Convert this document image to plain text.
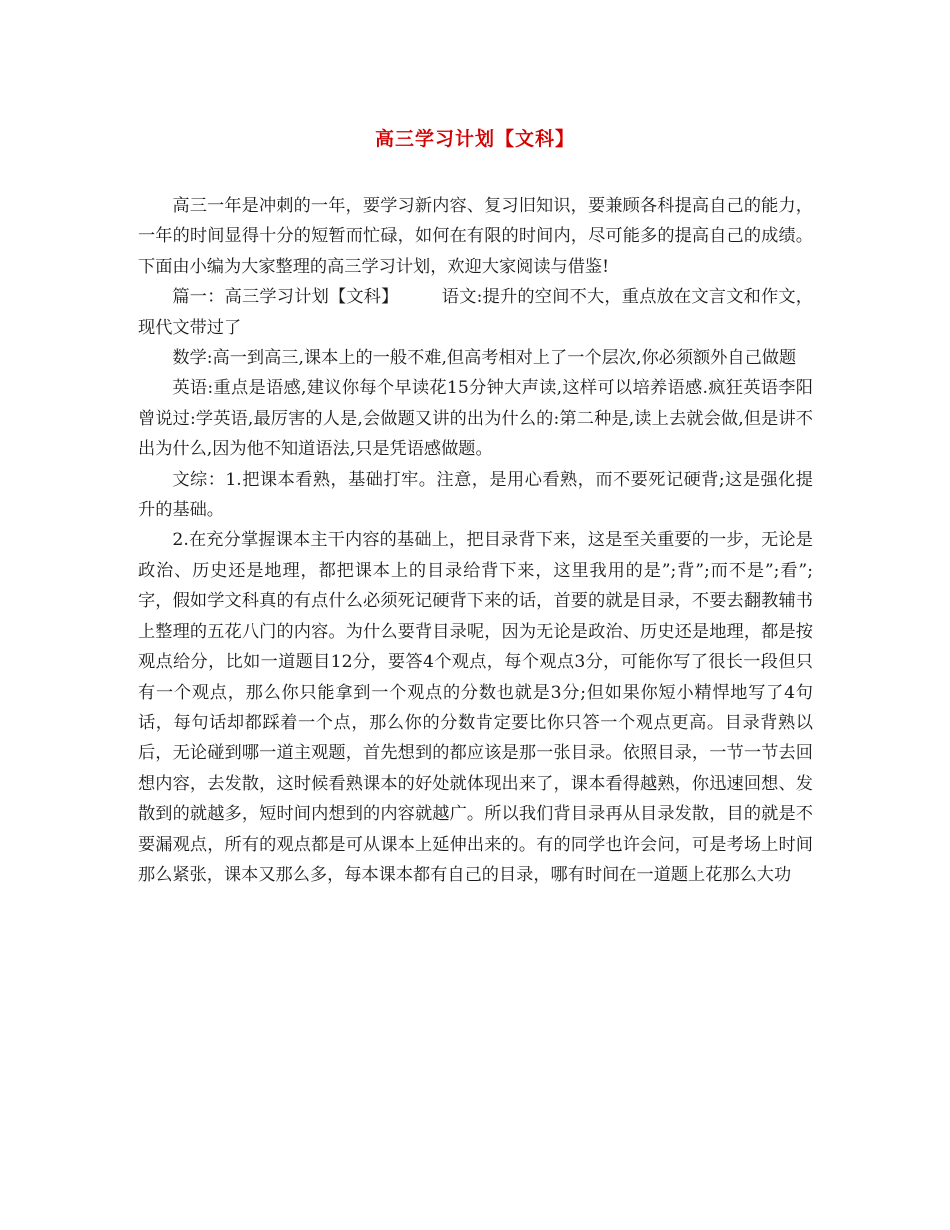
高三学习计划【文科】

高三一年是冲刺的一年，要学习新内容、复习旧知识，要兼顾各科提高自己的能力，一年的时间显得十分的短暂而忙碌，如何在有限的时间内，尽可能多的提高自己的成绩。下面由小编为大家整理的高三学习计划，欢迎大家阅读与借鉴!

篇一：高三学习计划【文科】	语文:提升的空间不大，重点放在文言文和作文，现代文带过了

数学:高一到高三,课本上的一般不难,但高考相对上了一个层次,你必须额外自己做题

英语:重点是语感,建议你每个早读花15分钟大声读,这样可以培养语感.疯狂英语李阳曾说过:学英语,最厉害的人是,会做题又讲的出为什么的:第二种是,读上去就会做,但是讲不出为什么,因为他不知道语法,只是凭语感做题。

文综：1.把课本看熟，基础打牢。注意，是用心看熟，而不要死记硬背;这是强化提升的基础。

2.在充分掌握课本主干内容的基础上，把目录背下来，这是至关重要的一步，无论是政治、历史还是地理，都把课本上的目录给背下来，这里我用的是”;背”;而不是”;看”;字，假如学文科真的有点什么必须死记硬背下来的话，首要的就是目录，不要去翻教辅书上整理的五花八门的内容。为什么要背目录呢，因为无论是政治、历史还是地理，都是按观点给分，比如一道题目12分，要答4个观点，每个观点3分，可能你写了很长一段但只有一个观点，那么你只能拿到一个观点的分数也就是3分;但如果你短小精悍地写了4句话，每句话却都踩着一个点，那么你的分数肯定要比你只答一个观点更高。目录背熟以后，无论碰到哪一道主观题，首先想到的都应该是那一张目录。依照目录，一节一节去回想内容，去发散，这时候看熟课本的好处就体现出来了，课本看得越熟，你迅速回想、发散到的就越多，短时间内想到的内容就越广。所以我们背目录再从目录发散，目的就是不要漏观点，所有的观点都是可从课本上延伸出来的。有的同学也许会问，可是考场上时间那么紧张，课本又那么多，每本课本都有自己的目录，哪有时间在一道题上花那么大功
